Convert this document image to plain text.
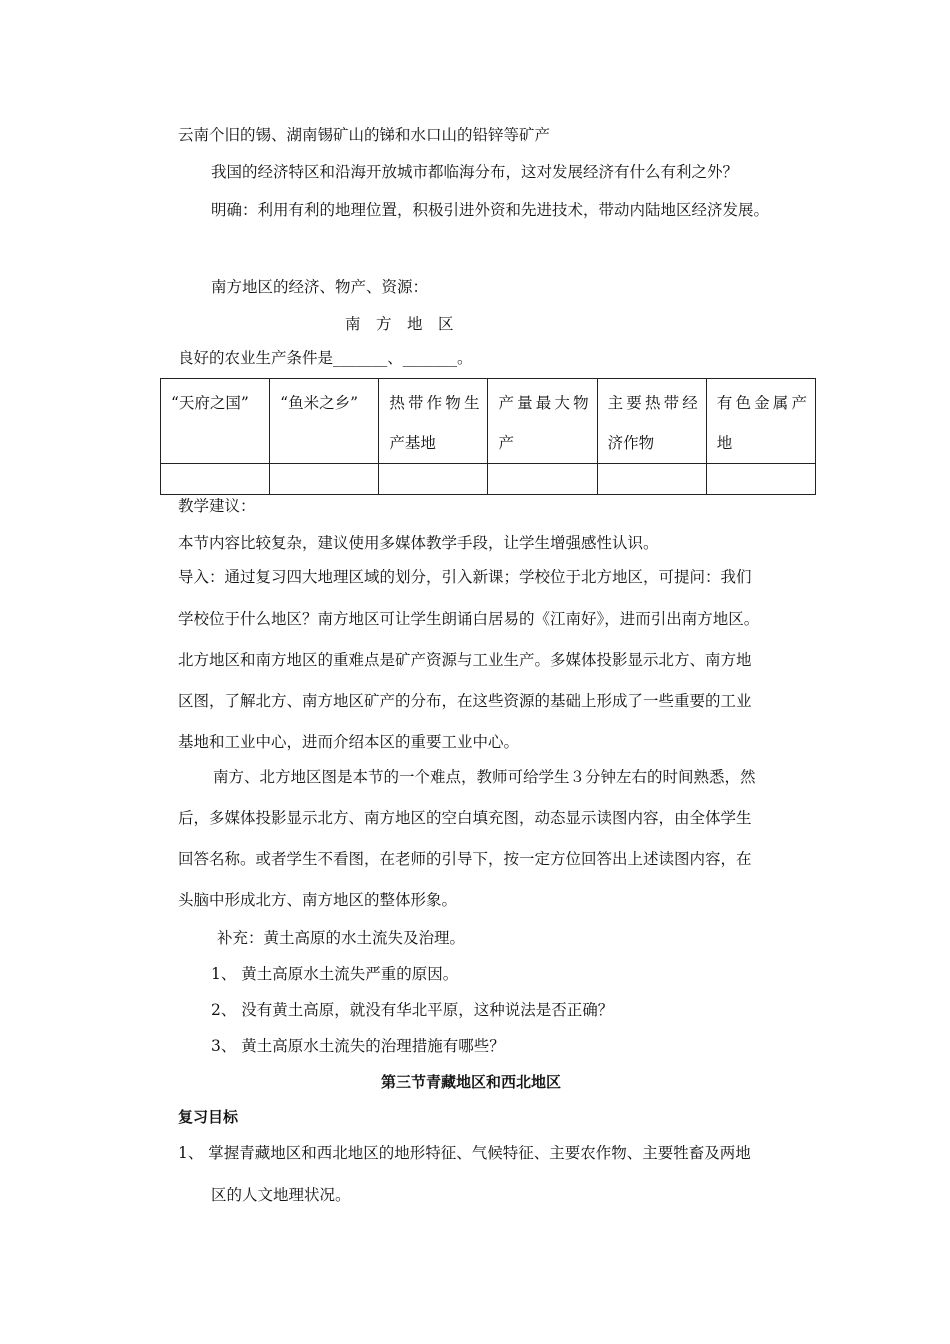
云南个旧的锡、湖南锡矿山的锑和水口山的铅锌等矿产
我国的经济特区和沿海开放城市都临海分布，这对发展经济有什么有利之外？
明确：利用有利的地理位置，积极引进外资和先进技术，带动内陆地区经济发展。
南方地区的经济、物产、资源：
南　方　地　区
良好的农业生产条件是_______、_______。
“天府之国”	“鱼米之乡”	热带作物生产基地	产量最大物产	主要热带经济作物	有色金属产地

教学建议：
本节内容比较复杂，建议使用多媒体教学手段，让学生增强感性认识。
导入：通过复习四大地理区域的划分，引入新课；学校位于北方地区，可提问：我们
学校位于什么地区？南方地区可让学生朗诵白居易的《江南好》，进而引出南方地区。
北方地区和南方地区的重难点是矿产资源与工业生产。多媒体投影显示北方、南方地
区图，了解北方、南方地区矿产的分布，在这些资源的基础上形成了一些重要的工业
基地和工业中心，进而介绍本区的重要工业中心。
南方、北方地区图是本节的一个难点，教师可给学生３分钟左右的时间熟悉，然
后，多媒体投影显示北方、南方地区的空白填充图，动态显示读图内容，由全体学生
回答名称。或者学生不看图，在老师的引导下，按一定方位回答出上述读图内容，在
头脑中形成北方、南方地区的整体形象。
补充：黄土高原的水土流失及治理。
1、 黄土高原水土流失严重的原因。
2、 没有黄土高原，就没有华北平原，这种说法是否正确？
3、 黄土高原水土流失的治理措施有哪些？
第三节青藏地区和西北地区
复习目标
1、 掌握青藏地区和西北地区的地形特征、气候特征、主要农作物、主要牲畜及两地
区的人文地理状况。
